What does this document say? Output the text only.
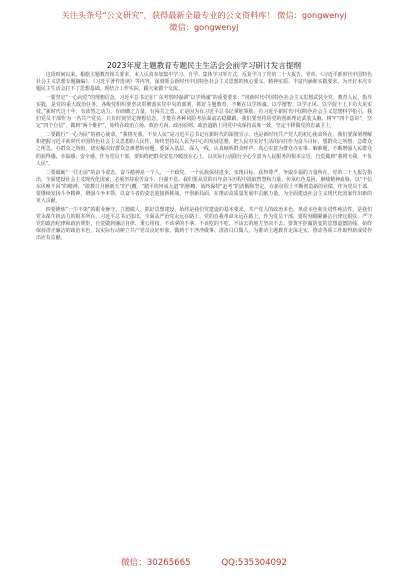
关注头条号“公文研究”，获得最新全最专业的公文资料库！ 微信：gongwenyj
微信：gongwenyj
2023年度主题教育专题民主生活会会前学习研讨发言提纲

这段时间以来，根据主题教育相关要求，本人认真参加集中学习、自学、集体学习等方式，反复学习了党的二十大报告、党章、《习近平新时代中国特色社会主义思想专题摘编》、《习近平著作选读》等内容，深刻领会新时代中国特色社会主义思想的核心要义、精神实质、丰富内涵和实践要求，为开好本次专题民主生活会打下了思想基础。现结合工作实际，跟大家做个交流。

一要坚定“一心向党”的理想信念。习近平总书记在广东考察时强调“以学铸魂”的重要要求：“用新时代中国特色社会主义思想武装全党、教育人民、指导实践，是党的重大政治任务。各级党组织要坚决贯彻落实党中央的部署，抓好主题教育，不断在以学铸魂、以学增智、以学正风、以学促干上下功夫见实效。”新时代这十年，有沛然之动力，有磅礴之力量，有闯关之勇，正是因为有习近平总书记掌舵领航，有习近平新时代中国特色社会主义思想科学指引。我们党员干部作为一名共产党员，只有时刻坚定理想信念，才能在各种风险考验面前站稳脚跟。我们要坚持用党的创新理论武装头脑，树牢“四个意识”，坚定“四个自信”，做到“两个维护”，始终在政治立场、政治方向、政治原则、政治道路上同党中央保持高度一致，坚定不移做党的忠诚卫士。

二要践行“一心为民”的初心使命。“我将无我，不负人民”是习近平总书记在新时代的深情宣示，也是新时代共产党人的初心使命所在。我们要深刻理解和把握习近平新时代中国特色社会主义思想的人民性，始终坚持以人民为中心的发展思想，把人民对美好生活的向往作为奋斗目标，想群众之所想、急群众之所急、办群众之所盼，切实解决好群众急难愁盼问题。要深入基层、深入一线，认真倾听群众呼声，真心实意为群众办实事、解难题，不断增强人民群众的获得感、幸福感、安全感。作为党员干部，要始终把群众安危冷暖放在心上，以实际行动践行全心全意为人民服务的根本宗旨，自觉做到“我将无我，不负人民”。

三要砥砺“一往无前”的奋斗姿态。奋斗精神是一个人、一个政党、一个民族保持进步、实现目标、获得尊严、争取幸福的力量所在。党的二十大报告指出，全面建设社会主义现代化国家，必须坚持艰苦奋斗、自强不息。我们要从党的百年奋斗历程中汲取智慧和力量，传承红色基因，赓续精神血脉，以“不信东风唤不回”的精神、“敢教日月换新天”的气概、“踏平坎坷成大道”的胆略，始终保持“赶考”的清醒和坚定，在新征程上不断创造新的业绩。作为党员干部，要继续发扬斗争精神，增强斗争本领，以奋斗者的姿态迎接新挑战、开创新局面，在推动高质量发展中贡献力量，为全面建设社会主义现代化国家作出新的更大贡献。

四要锤炼“一尘不染”的职业操守。立德做人、抓好思想建设，始终是我们党建设的基本要求。共产党人的政治本色、革命本色和先进性纯洁性，是我们党永葆生机活力的根本所在。习近平总书记指出，全面从严治党永远在路上，党的自我革命永远在路上。作为党员干部，要时刻绷紧廉洁自律这根弦，严守党的政治纪律和政治规矩，自觉做到廉洁自律、秉公用权，不该拿的不拿、不该吃的不吃、不该去的地方坚决不去。要筑牢拒腐防变的思想道德防线，始终保持清正廉洁的政治本色，以实际行动树立共产党员良好形象，做到干干净净做事、清清白白做人，为推动主题教育走深走实、推动各项工作取得新成效作出应有贡献。

微信：30265665	QQ:535304092
